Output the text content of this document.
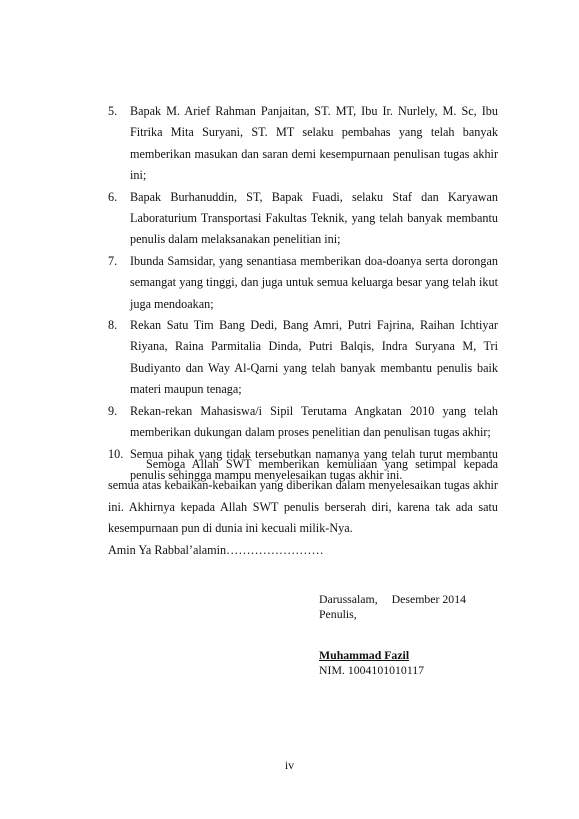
5.	Bapak M. Arief Rahman Panjaitan, ST. MT, Ibu Ir. Nurlely, M. Sc, Ibu Fitrika Mita Suryani, ST. MT selaku pembahas yang telah banyak memberikan masukan dan saran demi kesempurnaan penulisan tugas akhir ini;
6.	Bapak Burhanuddin, ST, Bapak Fuadi, selaku Staf dan Karyawan Laboraturium Transportasi Fakultas Teknik, yang telah banyak membantu penulis dalam melaksanakan penelitian ini;
7.	Ibunda Samsidar, yang senantiasa memberikan doa-doanya serta dorongan semangat yang tinggi, dan juga untuk semua keluarga besar yang telah ikut juga mendoakan;
8.	Rekan Satu Tim Bang Dedi, Bang Amri, Putri Fajrina, Raihan Ichtiyar Riyana, Raina Parmitalia Dinda, Putri Balqis, Indra Suryana M, Tri Budiyanto dan Way Al-Qarni yang telah banyak membantu penulis baik materi maupun tenaga;
9.	Rekan-rekan Mahasiswa/i Sipil Terutama Angkatan 2010 yang telah memberikan dukungan dalam proses penelitian dan penulisan tugas akhir;
10. Semua pihak yang tidak tersebutkan namanya yang telah turut membantu penulis sehingga mampu menyelesaikan tugas akhir ini.

Semoga Allah SWT memberikan kemuliaan yang setimpal kepada semua atas kebaikan-kebaikan yang diberikan dalam menyelesaikan tugas akhir ini. Akhirnya kepada Allah SWT penulis berserah diri, karena tak ada satu kesempurnaan pun di dunia ini kecuali milik-Nya.

Amin Ya Rabbal’alamin……………………

Darussalam, Desember 2014
Penulis,
Muhammad Fazil
NIM. 1004101010117
iv
